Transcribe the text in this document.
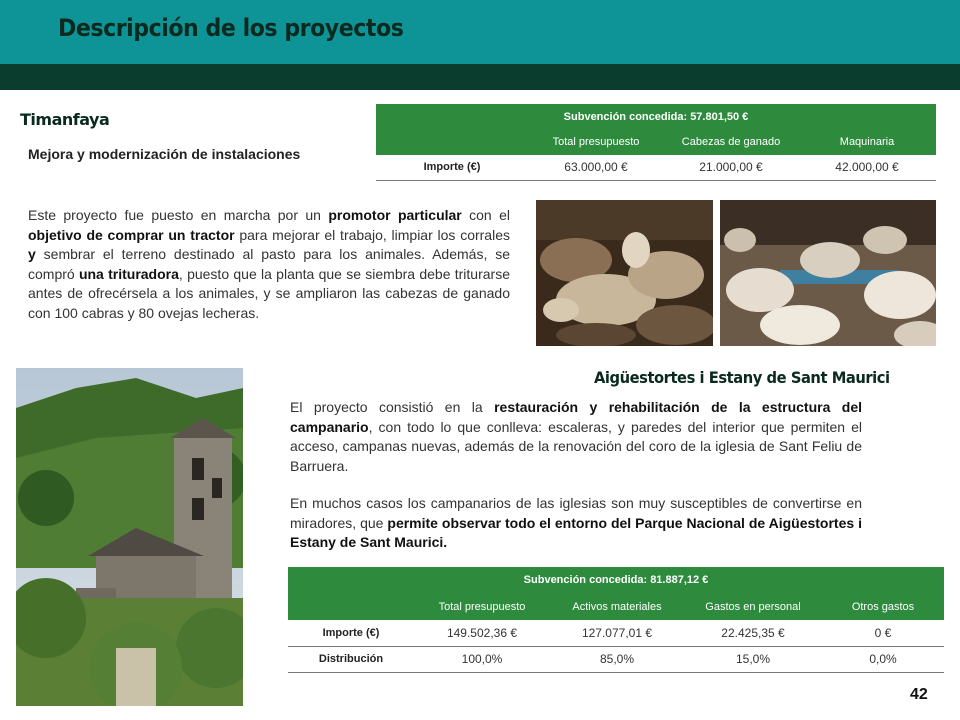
Descripción de los proyectos
Timanfaya
Mejora y modernización de instalaciones
Este proyecto fue puesto en marcha por un promotor particular con el objetivo de comprar un tractor para mejorar el trabajo, limpiar los corrales y sembrar el terreno destinado al pasto para los animales. Además, se compró una trituradora, puesto que la planta que se siembra debe triturarse antes de ofrecérsela a los animales, y se ampliaron las cabezas de ganado con 100 cabras y 80 ovejas lecheras.
Subvención concedida: 57.801,50 €			
	Total presupuesto	Cabezas de ganado	Maquinaria
Importe (€)	63.000,00 €	21.000,00 €	42.000,00 €
Aigüestortes i Estany de Sant Maurici
El proyecto consistió en la restauración y rehabilitación de la estructura del campanario, con todo lo que conlleva: escaleras, y paredes del interior que permiten el acceso, campanas nuevas, además de la renovación del coro de la iglesia de Sant Feliu de Barruera.
En muchos casos los campanarios de las iglesias son muy susceptibles de convertirse en miradores, que permite observar todo el entorno del Parque Nacional de Aigüestortes i Estany de Sant Maurici.
Subvención concedida: 81.887,12 €				
	Total presupuesto	Activos materiales	Gastos en personal	Otros gastos
Importe (€)	149.502,36 €	127.077,01 €	22.425,35 €	0 €
Distribución	100,0%	85,0%	15,0%	0,0%
42
